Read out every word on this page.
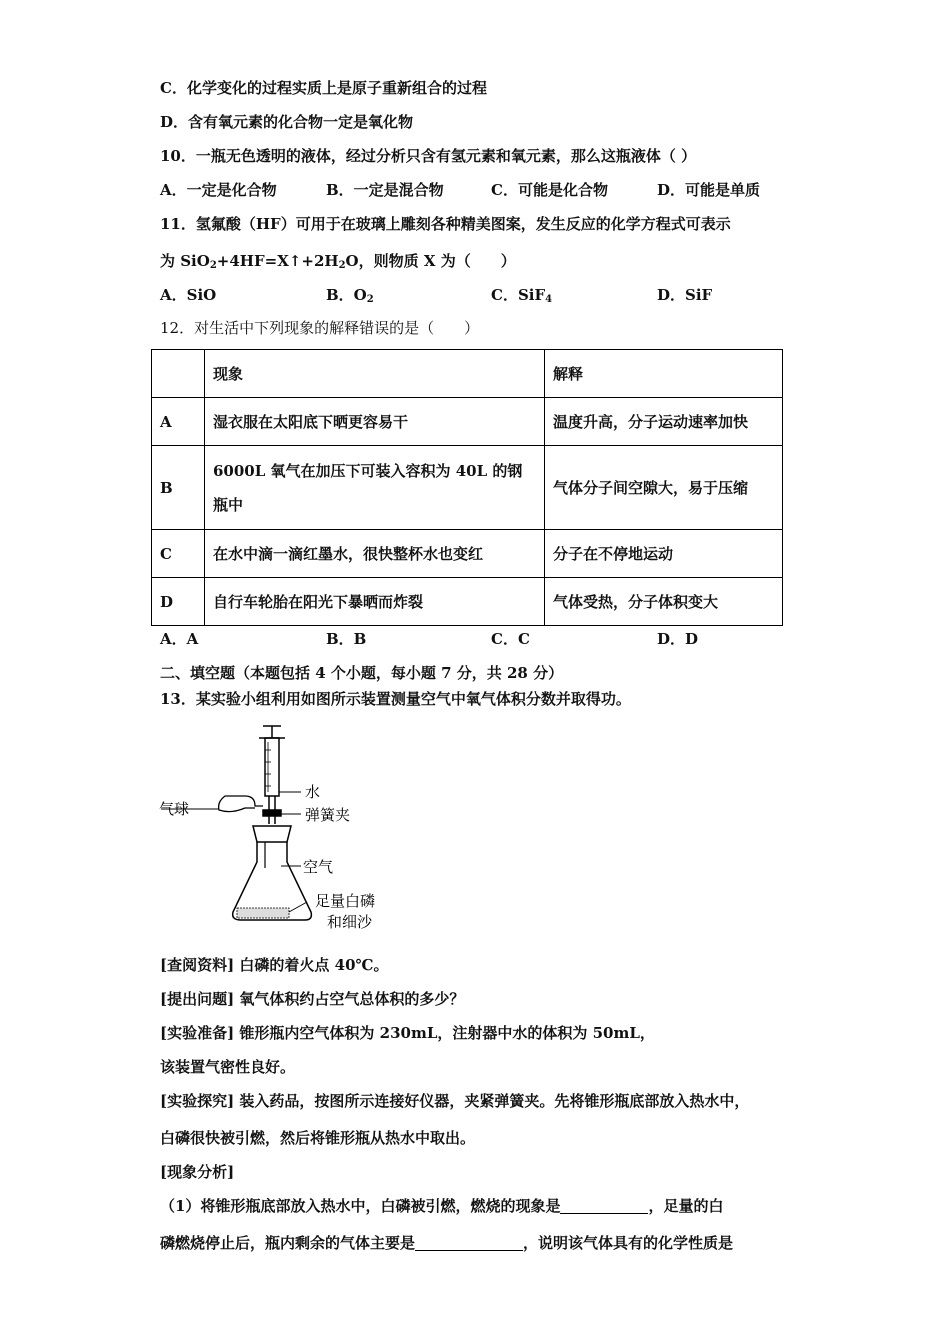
C．化学变化的过程实质上是原子重新组合的过程
D．含有氧元素的化合物一定是氧化物
10．一瓶无色透明的液体，经过分析只含有氢元素和氧元素，那么这瓶液体（ ）
A．一定是化合物	B．一定是混合物	C．可能是化合物	D．可能是单质
11．氢氟酸（HF）可用于在玻璃上雕刻各种精美图案，发生反应的化学方程式可表示
为 $SiO_2+4HF=X↑+2H_2O$，则物质 X 为（　　）
A．SiO	B．$O_2$	C．SiF$_4$	D．SiF
12．对生活中下列现象的解释错误的是（　　）
	现象	解释
A	湿衣服在太阳底下晒更容易干	温度升高，分子运动速率加快
B	6000L 氧气在加压下可装入容积为 40L 的钢
瓶中	气体分子间空隙大，易于压缩
C	在水中滴一滴红墨水，很快整杯水也变红	分子在不停地运动
D	自行车轮胎在阳光下暴晒而炸裂	气体受热，分子体积变大
A．A	B．B	C．C	D．D
二、填空题（本题包括 4 个小题，每小题 7 分，共 28 分）
13．某实验小组利用如图所示装置测量空气中氧气体积分数并取得功。
水
气球	弹簧夹
空气
足量白磷
和细沙
[查阅资料] 白磷的着火点 40℃。
[提出问题] 氧气体积约占空气总体积的多少？
[实验准备] 锥形瓶内空气体积为 230mL，注射器中水的体积为 50mL，
该装置气密性良好。
[实验探究] 装入药品，按图所示连接好仪器，夹紧弹簧夹。先将锥形瓶底部放入热水中，
白磷很快被引燃，然后将锥形瓶从热水中取出。
[现象分析]
（1）将锥形瓶底部放入热水中，白磷被引燃，燃烧的现象是	，足量的白
磷燃烧停止后，瓶内剩余的气体主要是	，说明该气体具有的化学性质是
